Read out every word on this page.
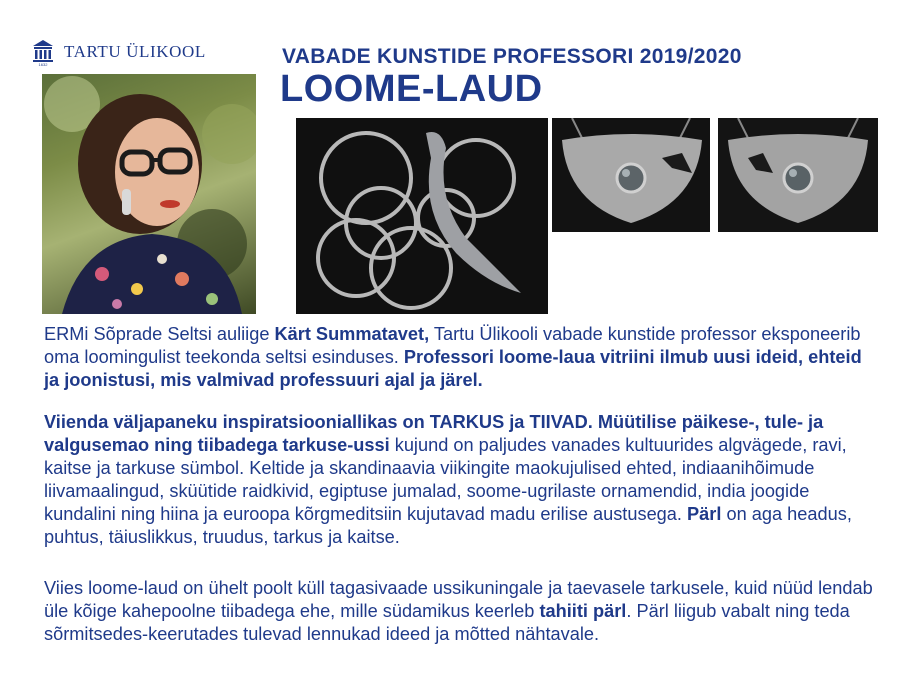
1632
TARTU ÜLIKOOL	VABADE KUNSTIDE PROFESSORI 2019/2020
LOOME-LAUD
ERMi Sõprade Seltsi auliige Kärt Summatavet, Tartu Ülikooli vabade kunstide professor eksponeerib oma loomingulist teekonda seltsi esinduses. Professori loome-laua vitriini ilmub uusi ideid, ehteid ja joonistusi, mis valmivad professuuri ajal ja järel.
Viienda väljapaneku inspiratsiooniallikas on TARKUS ja TIIVAD. Müütilise päikese-, tule- ja valgusemao ning tiibadega tarkuse-ussi kujund on paljudes vanades kultuurides algvägede, ravi, kaitse ja tarkuse sümbol. Keltide ja skandinaavia viikingite maokujulised ehted, indiaanihõimude liivamaalingud, sküütide raidkivid, egiptuse jumalad, soome-ugrilaste ornamendid, india joogide kundalini ning hiina ja euroopa kõrgmeditsiin kujutavad madu erilise austusega. Pärl on aga headus, puhtus, täiuslikkus, truudus, tarkus ja kaitse.
Viies loome-laud on ühelt poolt küll tagasivaade ussikuningale ja taevasele tarkusele, kuid nüüd lendab üle kõige kahepoolne tiibadega ehe, mille südamikus keerleb tahiiti pärl. Pärl liigub vabalt ning teda sõrmitsedes-keerutades tulevad lennukad ideed ja mõtted nähtavale.
